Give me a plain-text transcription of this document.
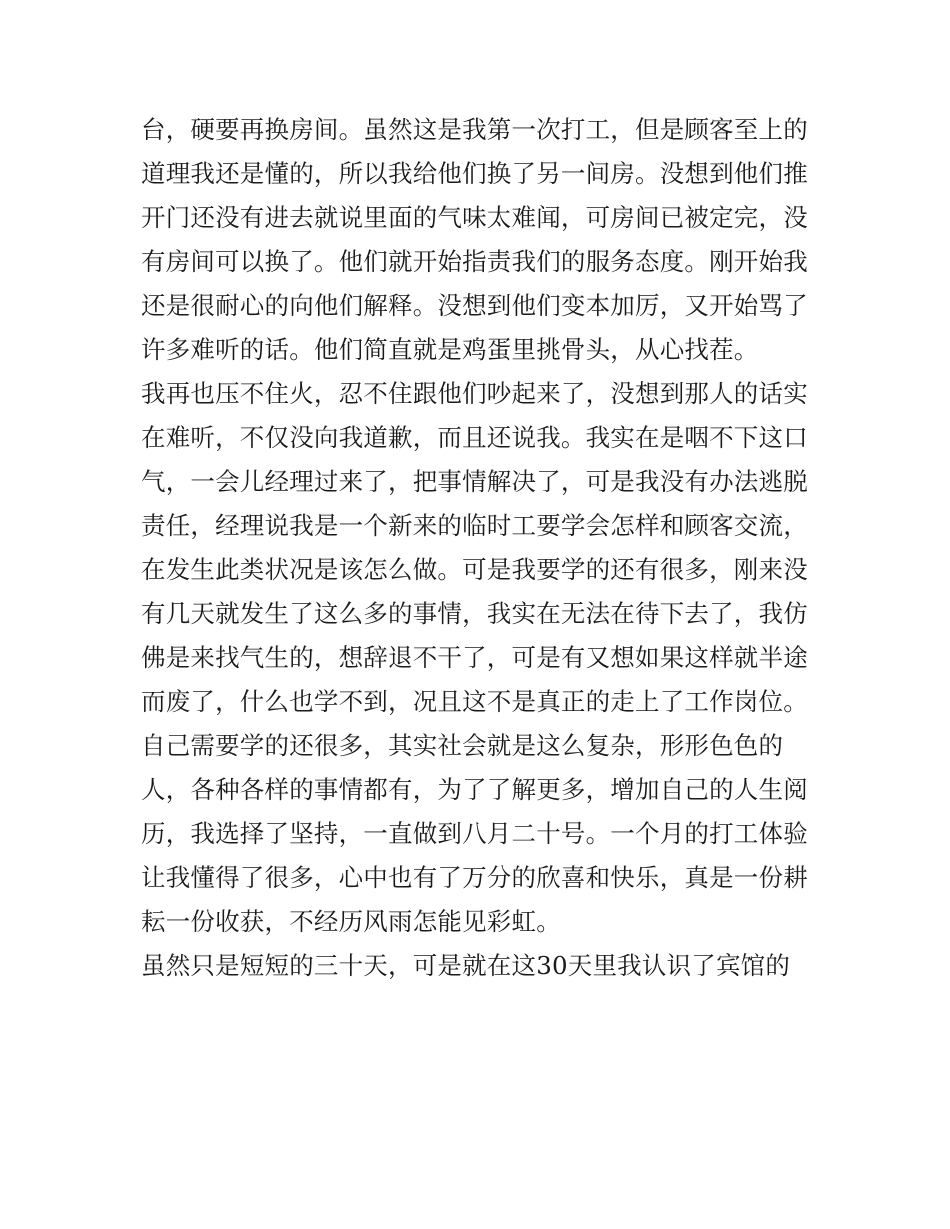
台，硬要再换房间。虽然这是我第一次打工，但是顾客至上的
道理我还是懂的，所以我给他们换了另一间房。没想到他们推
开门还没有进去就说里面的气味太难闻，可房间已被定完，没
有房间可以换了。他们就开始指责我们的服务态度。刚开始我
还是很耐心的向他们解释。没想到他们变本加厉，又开始骂了
许多难听的话。他们简直就是鸡蛋里挑骨头，从心找茬。
我再也压不住火，忍不住跟他们吵起来了，没想到那人的话实
在难听，不仅没向我道歉，而且还说我。我实在是咽不下这口
气，一会儿经理过来了，把事情解决了，可是我没有办法逃脱
责任，经理说我是一个新来的临时工要学会怎样和顾客交流，
在发生此类状况是该怎么做。可是我要学的还有很多，刚来没
有几天就发生了这么多的事情，我实在无法在待下去了，我仿
佛是来找气生的，想辞退不干了，可是有又想如果这样就半途
而废了，什么也学不到，况且这不是真正的走上了工作岗位。
自己需要学的还很多，其实社会就是这么复杂，形形色色的
人，各种各样的事情都有，为了了解更多，增加自己的人生阅
历，我选择了坚持，一直做到八月二十号。一个月的打工体验
让我懂得了很多，心中也有了万分的欣喜和快乐，真是一份耕
耘一份收获，不经历风雨怎能见彩虹。
虽然只是短短的三十天，可是就在这30天里我认识了宾馆的
